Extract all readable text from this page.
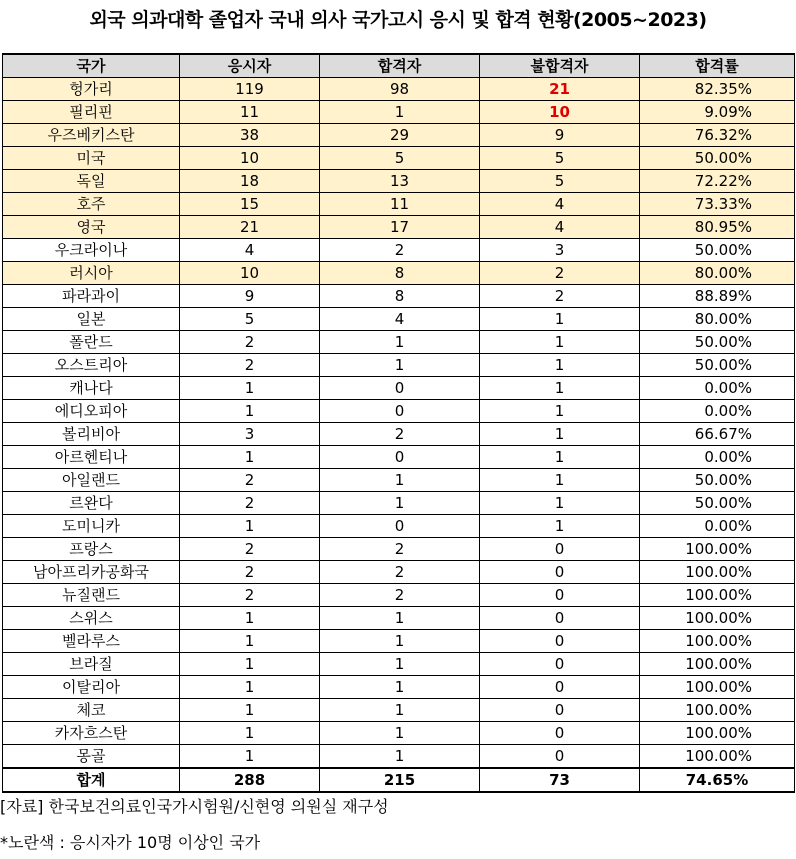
외국 의과대학 졸업자 국내 의사 국가고시 응시 및 합격 현황(2005~2023)
국가	응시자	합격자	불합격자	합격률
헝가리	119	98	21	82.35%
필리핀	11	1	10	9.09%
우즈베키스탄	38	29	9	76.32%
미국	10	5	5	50.00%
독일	18	13	5	72.22%
호주	15	11	4	73.33%
영국	21	17	4	80.95%
우크라이나	4	2	3	50.00%
러시아	10	8	2	80.00%
파라과이	9	8	2	88.89%
일본	5	4	1	80.00%
폴란드	2	1	1	50.00%
오스트리아	2	1	1	50.00%
캐나다	1	0	1	0.00%
에디오피아	1	0	1	0.00%
볼리비아	3	2	1	66.67%
아르헨티나	1	0	1	0.00%
아일랜드	2	1	1	50.00%
르완다	2	1	1	50.00%
도미니카	1	0	1	0.00%
프랑스	2	2	0	100.00%
남아프리카공화국	2	2	0	100.00%
뉴질랜드	2	2	0	100.00%
스위스	1	1	0	100.00%
벨라루스	1	1	0	100.00%
브라질	1	1	0	100.00%
이탈리아	1	1	0	100.00%
체코	1	1	0	100.00%
카자흐스탄	1	1	0	100.00%
몽골	1	1	0	100.00%
합계	288	215	73	74.65%
[자료] 한국보건의료인국가시험원/신현영 의원실 재구성
*노란색 : 응시자가 10명 이상인 국가
